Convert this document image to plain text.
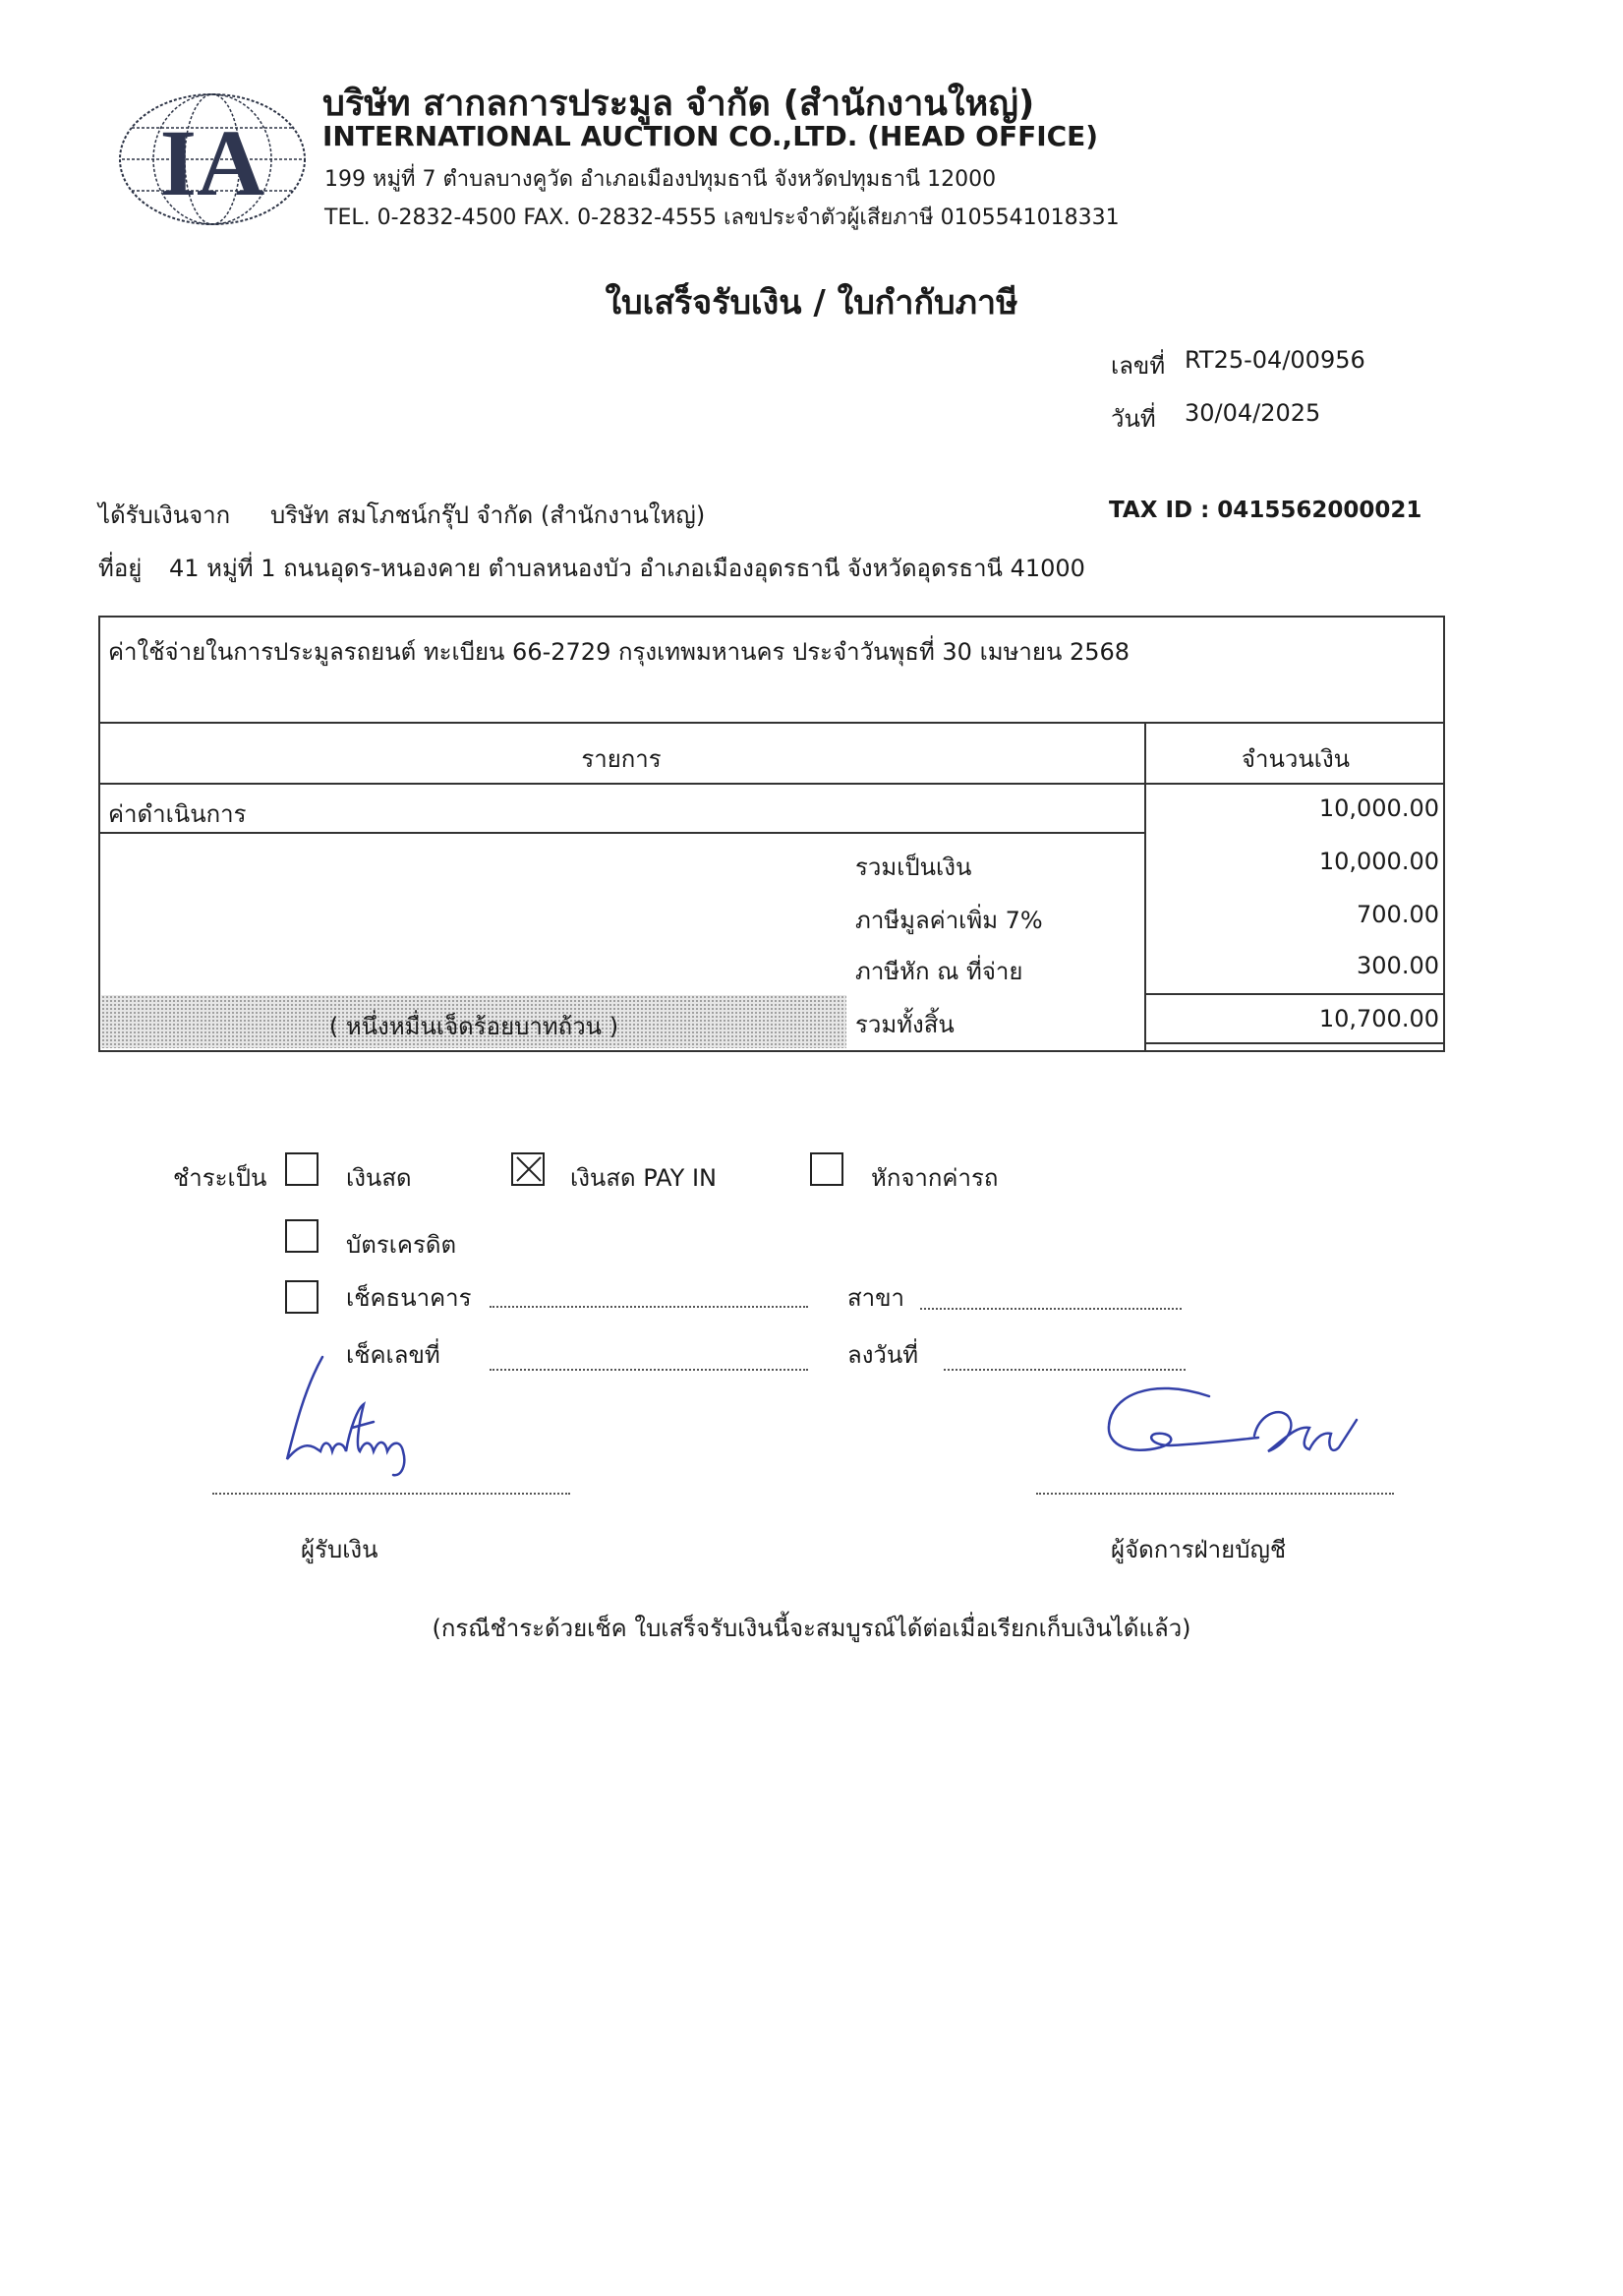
IA
บริษัท สากลการประมูล จำกัด (สำนักงานใหญ่)
INTERNATIONAL AUCTION CO.,LTD. (HEAD OFFICE)
199 หมู่ที่ 7 ตำบลบางคูวัด อำเภอเมืองปทุมธานี จังหวัดปทุมธานี 12000
TEL. 0-2832-4500 FAX. 0-2832-4555 เลขประจำตัวผู้เสียภาษี 0105541018331
ใบเสร็จรับเงิน / ใบกำกับภาษี
เลขที่ RT25-04/00956
วันที่ 30/04/2025
ได้รับเงินจาก บริษัท สมโภชน์กรุ๊ป จำกัด (สำนักงานใหญ่)	TAX ID : 0415562000021
ที่อยู่ 41 หมู่ที่ 1 ถนนอุดร-หนองคาย ตำบลหนองบัว อำเภอเมืองอุดรธานี จังหวัดอุดรธานี 41000
ค่าใช้จ่ายในการประมูลรถยนต์ ทะเบียน 66-2729 กรุงเทพมหานคร ประจำวันพุธที่ 30 เมษายน 2568
รายการ	จำนวนเงิน
ค่าดำเนินการ	10,000.00
รวมเป็นเงิน	10,000.00
ภาษีมูลค่าเพิ่ม 7%	700.00
ภาษีหัก ณ ที่จ่าย	300.00
( หนึ่งหมื่นเจ็ดร้อยบาทถ้วน )	รวมทั้งสิ้น	10,700.00
ชำระเป็น	เงินสด	เงินสด PAY IN	หักจากค่ารถ
บัตรเครดิต
เช็คธนาคาร	สาขา
เช็คเลขที่	ลงวันที่
ผู้รับเงิน	ผู้จัดการฝ่ายบัญชี
(กรณีชำระด้วยเช็ค ใบเสร็จรับเงินนี้จะสมบูรณ์ได้ต่อเมื่อเรียกเก็บเงินได้แล้ว)
